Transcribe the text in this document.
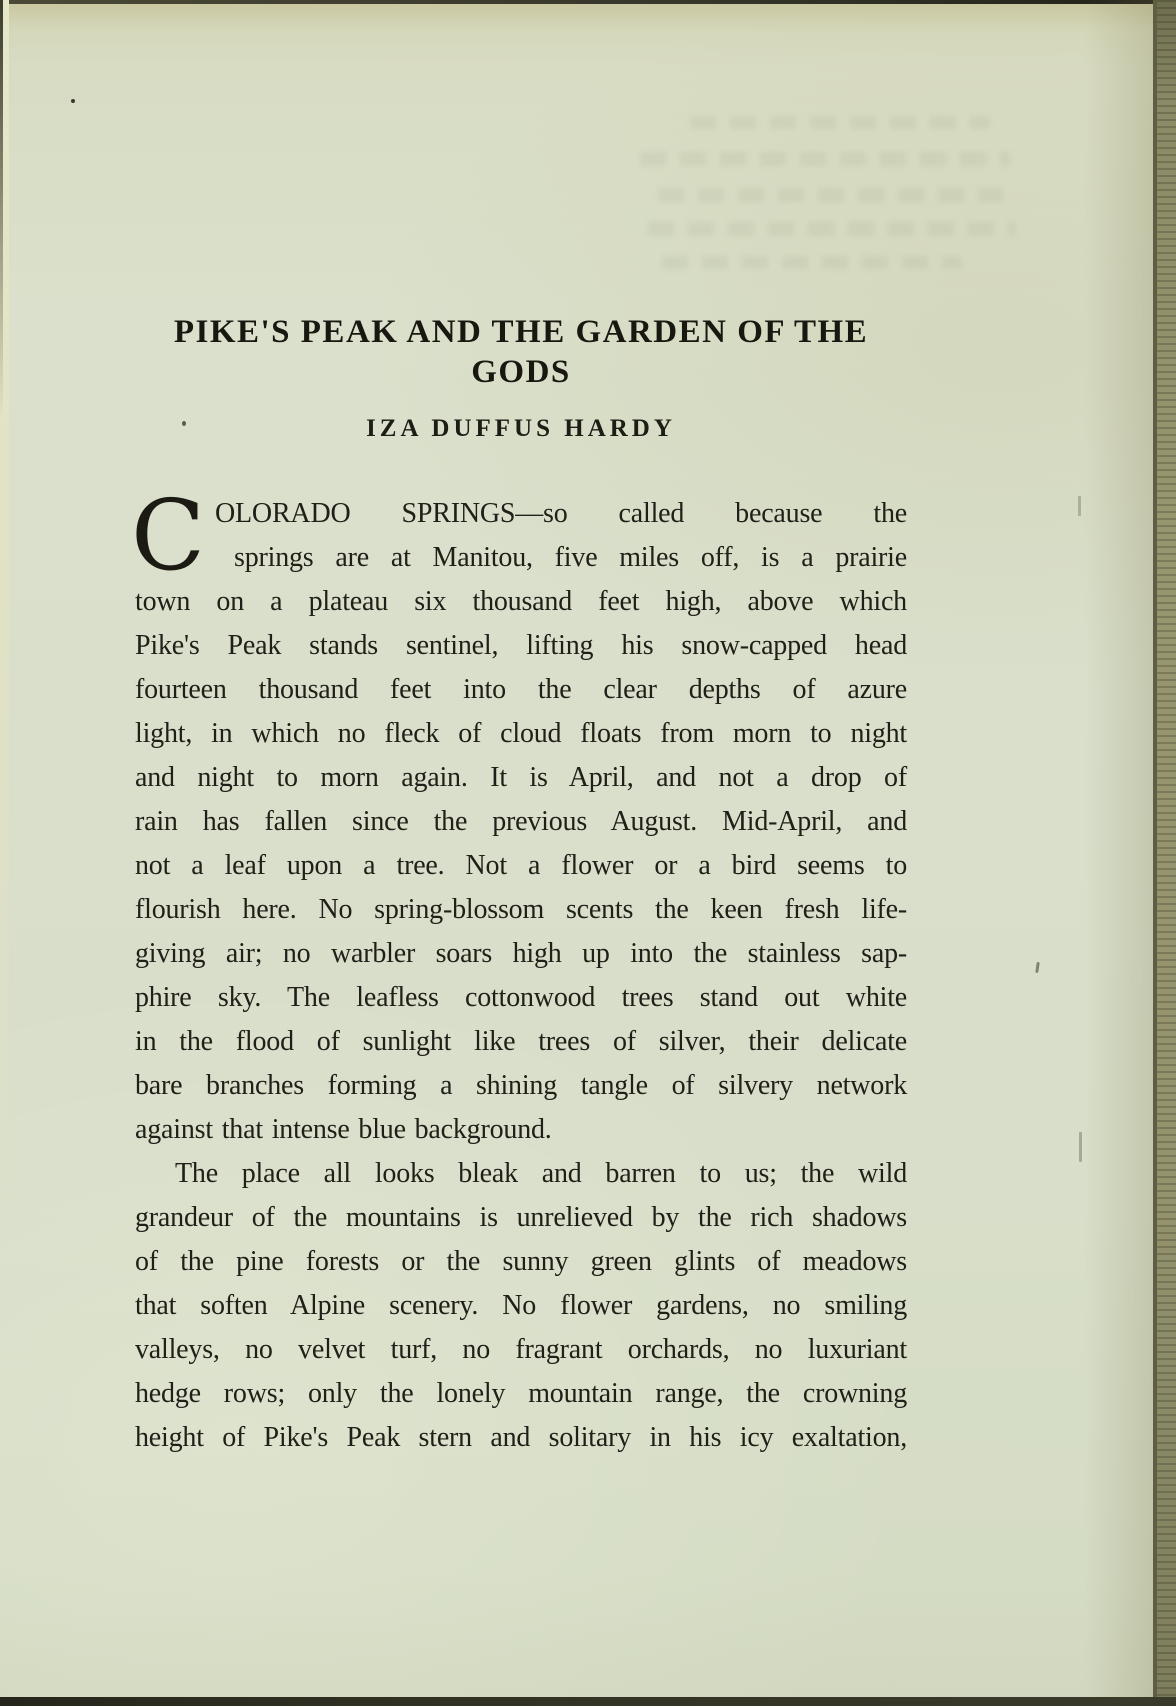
PIKE'S PEAK AND THE GARDEN OF THE GODS
IZA DUFFUS HARDY
C OLORADO SPRINGS—so called because the
springs are at Manitou, five miles off, is a prairie
town on a plateau six thousand feet high, above which
Pike's Peak stands sentinel, lifting his snow-capped head
fourteen thousand feet into the clear depths of azure
light, in which no fleck of cloud floats from morn to night
and night to morn again. It is April, and not a drop of
rain has fallen since the previous August. Mid-April, and
not a leaf upon a tree. Not a flower or a bird seems to
flourish here. No spring-blossom scents the keen fresh life-
giving air; no warbler soars high up into the stainless sap-
phire sky. The leafless cottonwood trees stand out white
in the flood of sunlight like trees of silver, their delicate
bare branches forming a shining tangle of silvery network
against that intense blue background.
The place all looks bleak and barren to us; the wild
grandeur of the mountains is unrelieved by the rich shadows
of the pine forests or the sunny green glints of meadows
that soften Alpine scenery. No flower gardens, no smiling
valleys, no velvet turf, no fragrant orchards, no luxuriant
hedge rows; only the lonely mountain range, the crowning
height of Pike's Peak stern and solitary in his icy exaltation,
